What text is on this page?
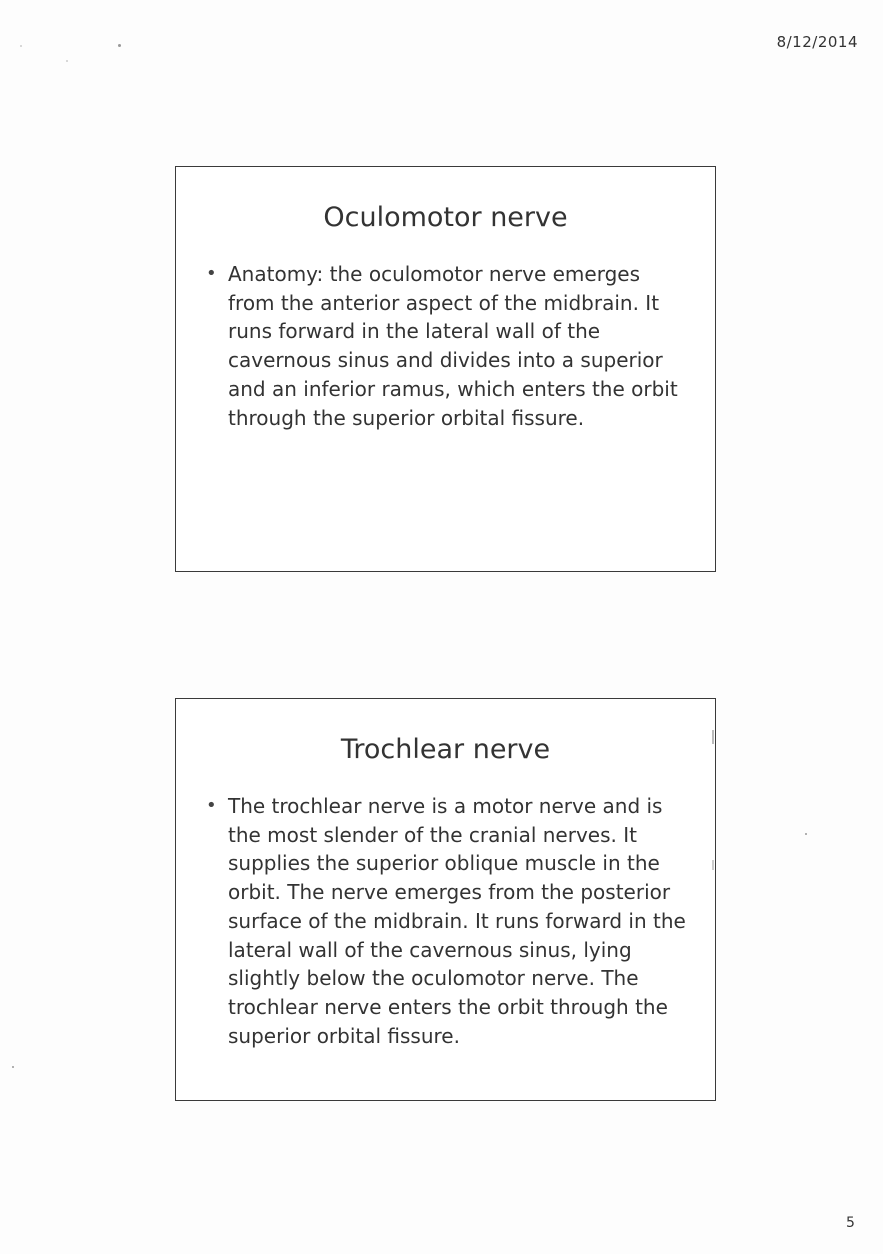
8/12/2014
Oculomotor nerve
• Anatomy: the oculomotor nerve emerges from the anterior aspect of the midbrain. It runs forward in the lateral wall of the cavernous sinus and divides into a superior and an inferior ramus, which enters the orbit through the superior orbital fissure.
Trochlear nerve
• The trochlear nerve is a motor nerve and is the most slender of the cranial nerves. It supplies the superior oblique muscle in the orbit. The nerve emerges from the posterior surface of the midbrain. It runs forward in the lateral wall of the cavernous sinus, lying slightly below the oculomotor nerve. The trochlear nerve enters the orbit through the superior orbital fissure.
5
